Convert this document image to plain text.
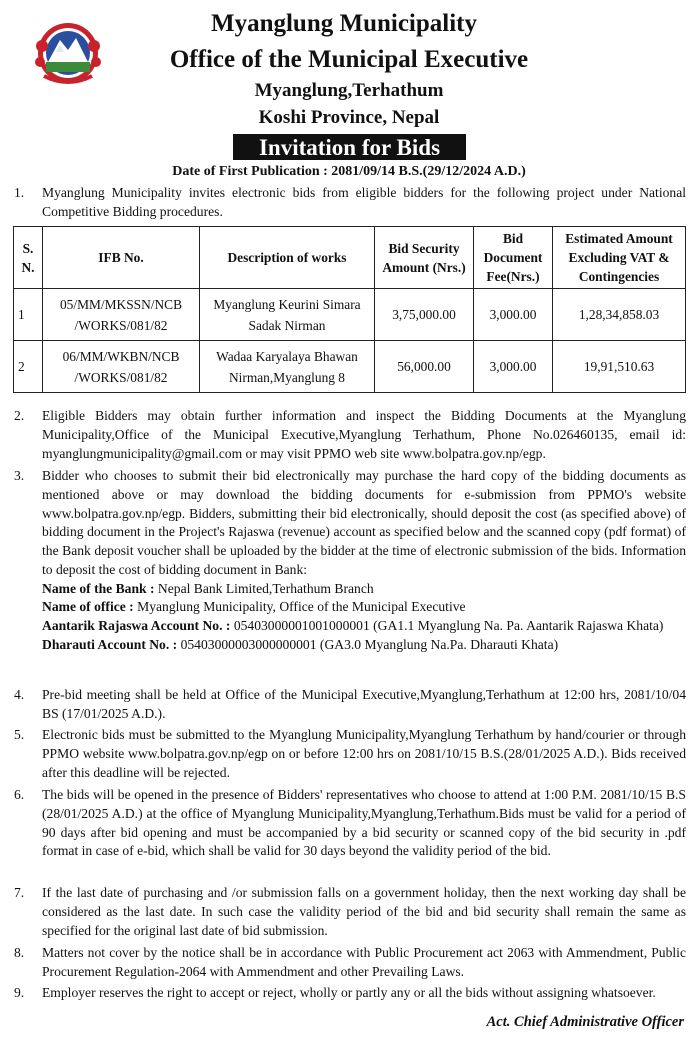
Myanglung Municipality
Office of the Municipal Executive
Myanglung,Terhathum
Koshi Province, Nepal
Invitation for Bids
Date of First Publication : 2081/09/14 B.S.(29/12/2024 A.D.)
1.	Myanglung Municipality invites electronic bids from eligible bidders for the following project under National Competitive Bidding procedures.
S. N.	IFB No.	Description of works	Bid Security Amount (Nrs.)	Bid Document Fee(Nrs.)	Estimated Amount Excluding VAT & Contingencies
1	05/MM/MKSSN/NCB /WORKS/081/82	Myanglung Keurini Simara Sadak Nirman	3,75,000.00	3,000.00	1,28,34,858.03
2	06/MM/WKBN/NCB /WORKS/081/82	Wadaa Karyalaya Bhawan Nirman,Myanglung 8	56,000.00	3,000.00	19,91,510.63
2.	Eligible Bidders may obtain further information and inspect the Bidding Documents at the Myanglung Municipality,Office of the Municipal Executive,Myanglung Terhathum, Phone No.026460135, email id: myanglungmunicipality@gmail.com or may visit PPMO web site www.bolpatra.gov.np/egp.
3.	Bidder who chooses to submit their bid electronically may purchase the hard copy of the bidding documents as mentioned above or may download the bidding documents for e-submission from PPMO's website www.bolpatra.gov.np/egp. Bidders, submitting their bid electronically, should deposit the cost (as specified above) of bidding document in the Project's Rajaswa (revenue) account as specified below and the scanned copy (pdf format) of the Bank deposit voucher shall be uploaded by the bidder at the time of electronic submission of the bids. Information to deposit the cost of bidding document in Bank:
Name of the Bank : Nepal Bank Limited,Terhathum Branch
Name of office : Myanglung Municipality, Office of the Municipal Executive
Aantarik Rajaswa Account No. : 05403000001001000001 (GA1.1 Myanglung Na. Pa. Aantarik Rajaswa Khata)
Dharauti Account No. : 05403000003000000001 (GA3.0 Myanglung Na.Pa. Dharauti Khata)
4.	Pre-bid meeting shall be held at Office of the Municipal Executive,Myanglung,Terhathum at 12:00 hrs, 2081/10/04 BS (17/01/2025 A.D.).
5.	Electronic bids must be submitted to the Myanglung Municipality,Myanglung Terhathum by hand/courier or through PPMO website www.bolpatra.gov.np/egp on or before 12:00 hrs on 2081/10/15 B.S.(28/01/2025 A.D.). Bids received after this deadline will be rejected.
6.	The bids will be opened in the presence of Bidders' representatives who choose to attend at 1:00 P.M. 2081/10/15 B.S (28/01/2025 A.D.) at the office of Myanglung Municipality,Myanglung,Terhathum.Bids must be valid for a period of 90 days after bid opening and must be accompanied by a bid security or scanned copy of the bid security in .pdf format in case of e-bid, which shall be valid for 30 days beyond the validity period of the bid.
7.	If the last date of purchasing and /or submission falls on a government holiday, then the next working day shall be considered as the last date. In such case the validity period of the bid and bid security shall remain the same as specified for the original last date of bid submission.
8.	Matters not cover by the notice shall be in accordance with Public Procurement act 2063 with Ammendment, Public Procurement Regulation-2064 with Ammendment and other Prevailing Laws.
9.	Employer reserves the right to accept or reject, wholly or partly any or all the bids without assigning whatsoever.
Act. Chief Administrative Officer
